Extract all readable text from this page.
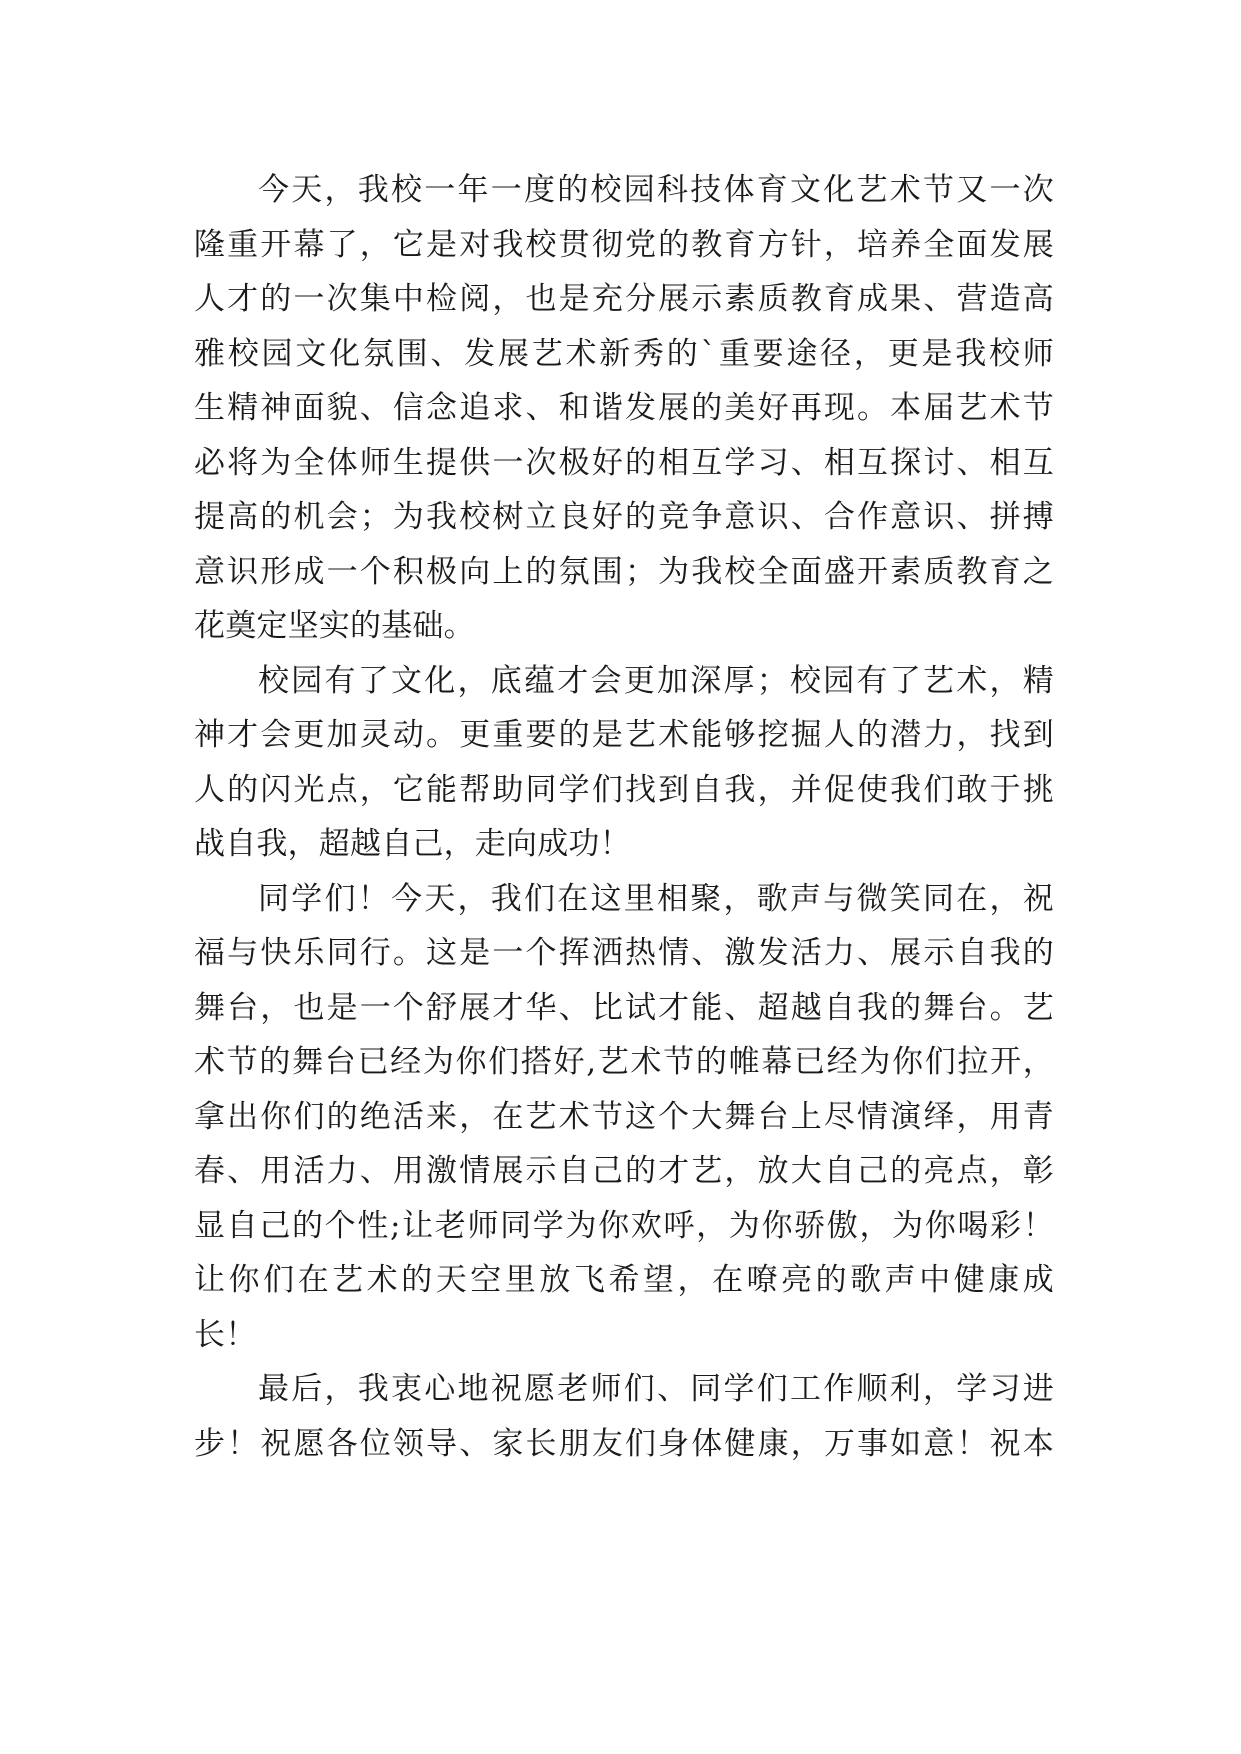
今天，我校一年一度的校园科技体育文化艺术节又一次
隆重开幕了，它是对我校贯彻党的教育方针，培养全面发展
人才的一次集中检阅，也是充分展示素质教育成果、营造高
雅校园文化氛围、发展艺术新秀的`重要途径，更是我校师
生精神面貌、信念追求、和谐发展的美好再现。本届艺术节
必将为全体师生提供一次极好的相互学习、相互探讨、相互
提高的机会；为我校树立良好的竞争意识、合作意识、拼搏
意识形成一个积极向上的氛围；为我校全面盛开素质教育之
花奠定坚实的基础。
校园有了文化，底蕴才会更加深厚；校园有了艺术，精
神才会更加灵动。更重要的是艺术能够挖掘人的潜力，找到
人的闪光点，它能帮助同学们找到自我，并促使我们敢于挑
战自我，超越自己，走向成功！
同学们！今天，我们在这里相聚，歌声与微笑同在，祝
福与快乐同行。这是一个挥洒热情、激发活力、展示自我的
舞台，也是一个舒展才华、比试才能、超越自我的舞台。艺
术节的舞台已经为你们搭好,艺术节的帷幕已经为你们拉开，
拿出你们的绝活来，在艺术节这个大舞台上尽情演绎，用青
春、用活力、用激情展示自己的才艺，放大自己的亮点，彰
显自己的个性;让老师同学为你欢呼，为你骄傲，为你喝彩！
让你们在艺术的天空里放飞希望，在嘹亮的歌声中健康成
长！
最后，我衷心地祝愿老师们、同学们工作顺利，学习进
步！祝愿各位领导、家长朋友们身体健康，万事如意！祝本
